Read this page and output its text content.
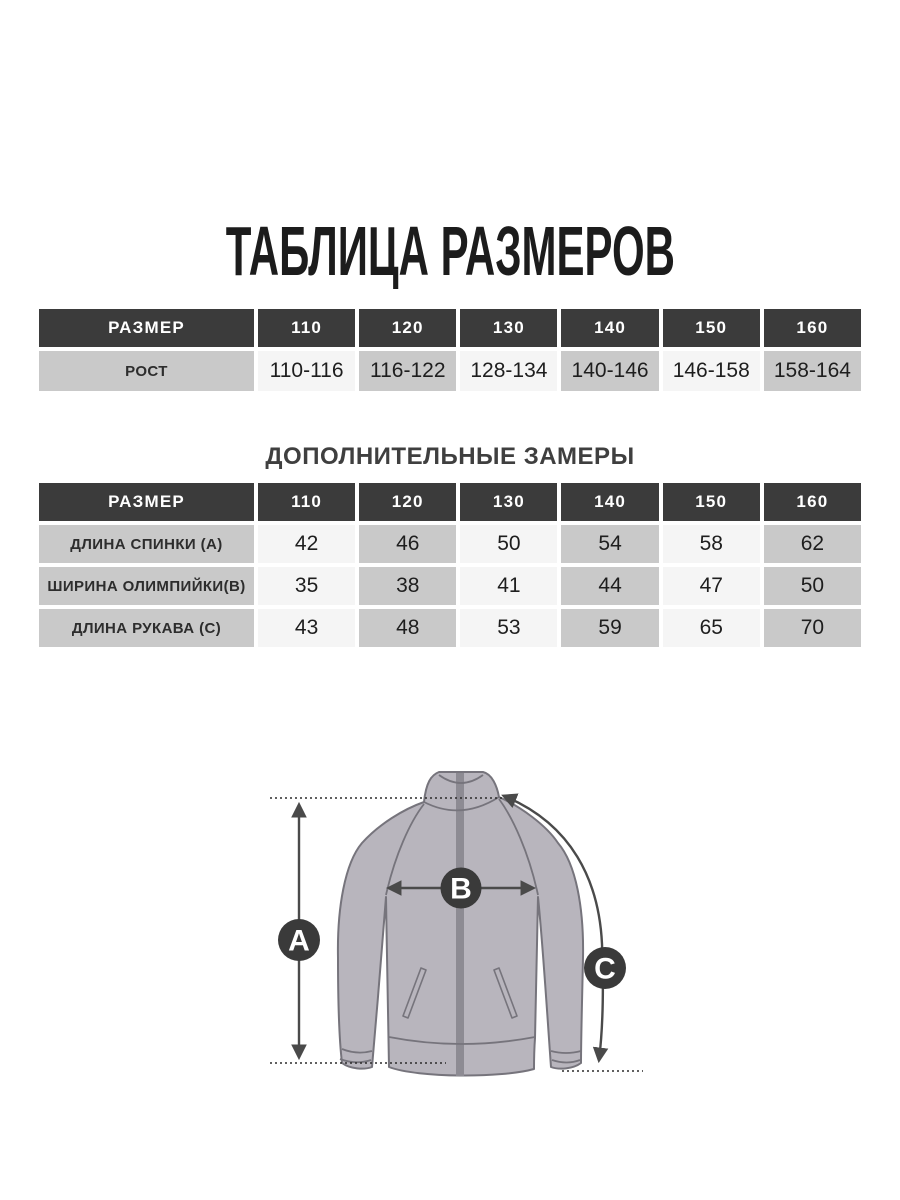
ТАБЛИЦА РАЗМЕРОВ
РАЗМЕР	110	120	130	140	150	160
РОСТ	110-116	116-122	128-134	140-146	146-158	158-164
ДОПОЛНИТЕЛЬНЫЕ ЗАМЕРЫ
РАЗМЕР	110	120	130	140	150	160
ДЛИНА СПИНКИ (А)	42	46	50	54	58	62
ШИРИНА ОЛИМПИЙКИ(В)	35	38	41	44	47	50
ДЛИНА РУКАВА (С)	43	48	53	59	65	70
A
B
C
